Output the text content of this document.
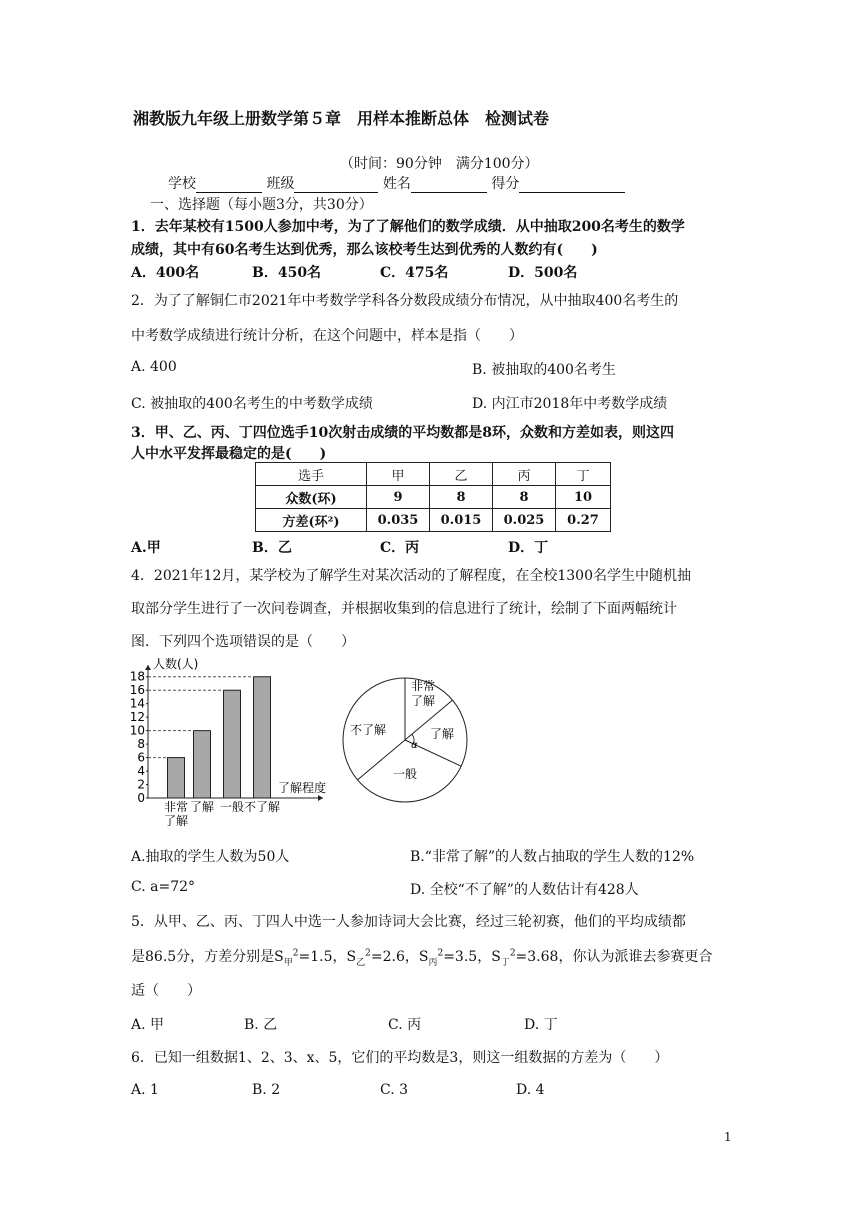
湘教版九年级上册数学第５章　用样本推断总体　检测试卷
（时间：90分钟　满分100分）
学校	班级	姓名	得分
一、选择题（每小题3分，共30分）
1．去年某校有1500人参加中考，为了了解他们的数学成绩．从中抽取200名考生的数学
成绩，其中有60名考生达到优秀，那么该校考生达到优秀的人数约有(　　)
A．400名	B．450名	C．475名	D．500名
2．为了了解铜仁市2021年中考数学学科各分数段成绩分布情况，从中抽取400名考生的
中考数学成绩进行统计分析，在这个问题中，样本是指（　　）
A. 400	B. 被抽取的400名考生
C. 被抽取的400名考生的中考数学成绩	D. 内江市2018年中考数学成绩
3．甲、乙、丙、丁四位选手10次射击成绩的平均数都是8环，众数和方差如表，则这四
人中水平发挥最稳定的是(　　)
选手	甲	乙	丙	丁
众数(环)	9	8	8	10
方差(环²)	0.035	0.015	0.025	0.27
A.甲	B．乙	C．丙	D．丁
4．2021年12月，某学校为了解学生对某次活动的了解程度，在全校1300名学生中随机抽
取部分学生进行了一次问卷调查，并根据收集到的信息进行了统计，绘制了下面两幅统计
图．下列四个选项错误的是（　　）
人数(人)
了解程度
0
2
4
6
8
10
12
14
16
18
非常
了解
了解 一般 不了解
α
非常
了解
了解
一般
不了解
A.抽取的学生人数为50人	B.“非常了解”的人数占抽取的学生人数的12%
C. a=72°	D. 全校“不了解”的人数估计有428人
5．从甲、乙、丙、丁四人中选一人参加诗词大会比赛，经过三轮初赛，他们的平均成绩都
是86.5分，方差分别是$S_甲^2=1.5$，$S_乙^2=2.6$，$S_丙^2=3.5$，$S_丁^2=3.68$，你认为派谁去参赛更合
适（　　）
A. 甲	B. 乙	C. 丙	D. 丁
6．已知一组数据1、2、3、x、5，它们的平均数是3，则这一组数据的方差为（　　）
A. 1	B. 2	C. 3	D. 4
1
